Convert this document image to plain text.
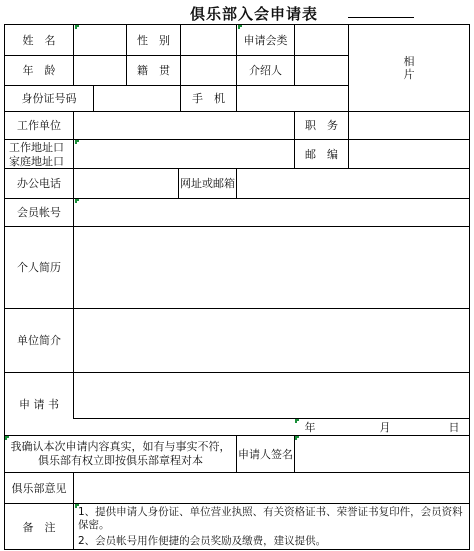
俱乐部入会申请表
姓　名	性　别	申请会类
相
片
年　龄	籍　贯	介绍人
身份证号码	手　机
工作单位	职　务
工作地址口
家庭地址口
邮　编
办公电话	网址或邮箱
会员帐号
个人简历
单位简介
申 请 书
年	月	日
我确认本次申请内容真实，如有与事实不符，俱乐部有权立即按俱乐部章程对本	申请人签名
俱乐部意见
备　注
1、提供申请人身份证、单位营业执照、有关资格证书、荣誉证书复印件，会员资料保密。
2、会员帐号用作便捷的会员奖励及缴费，建议提供。
